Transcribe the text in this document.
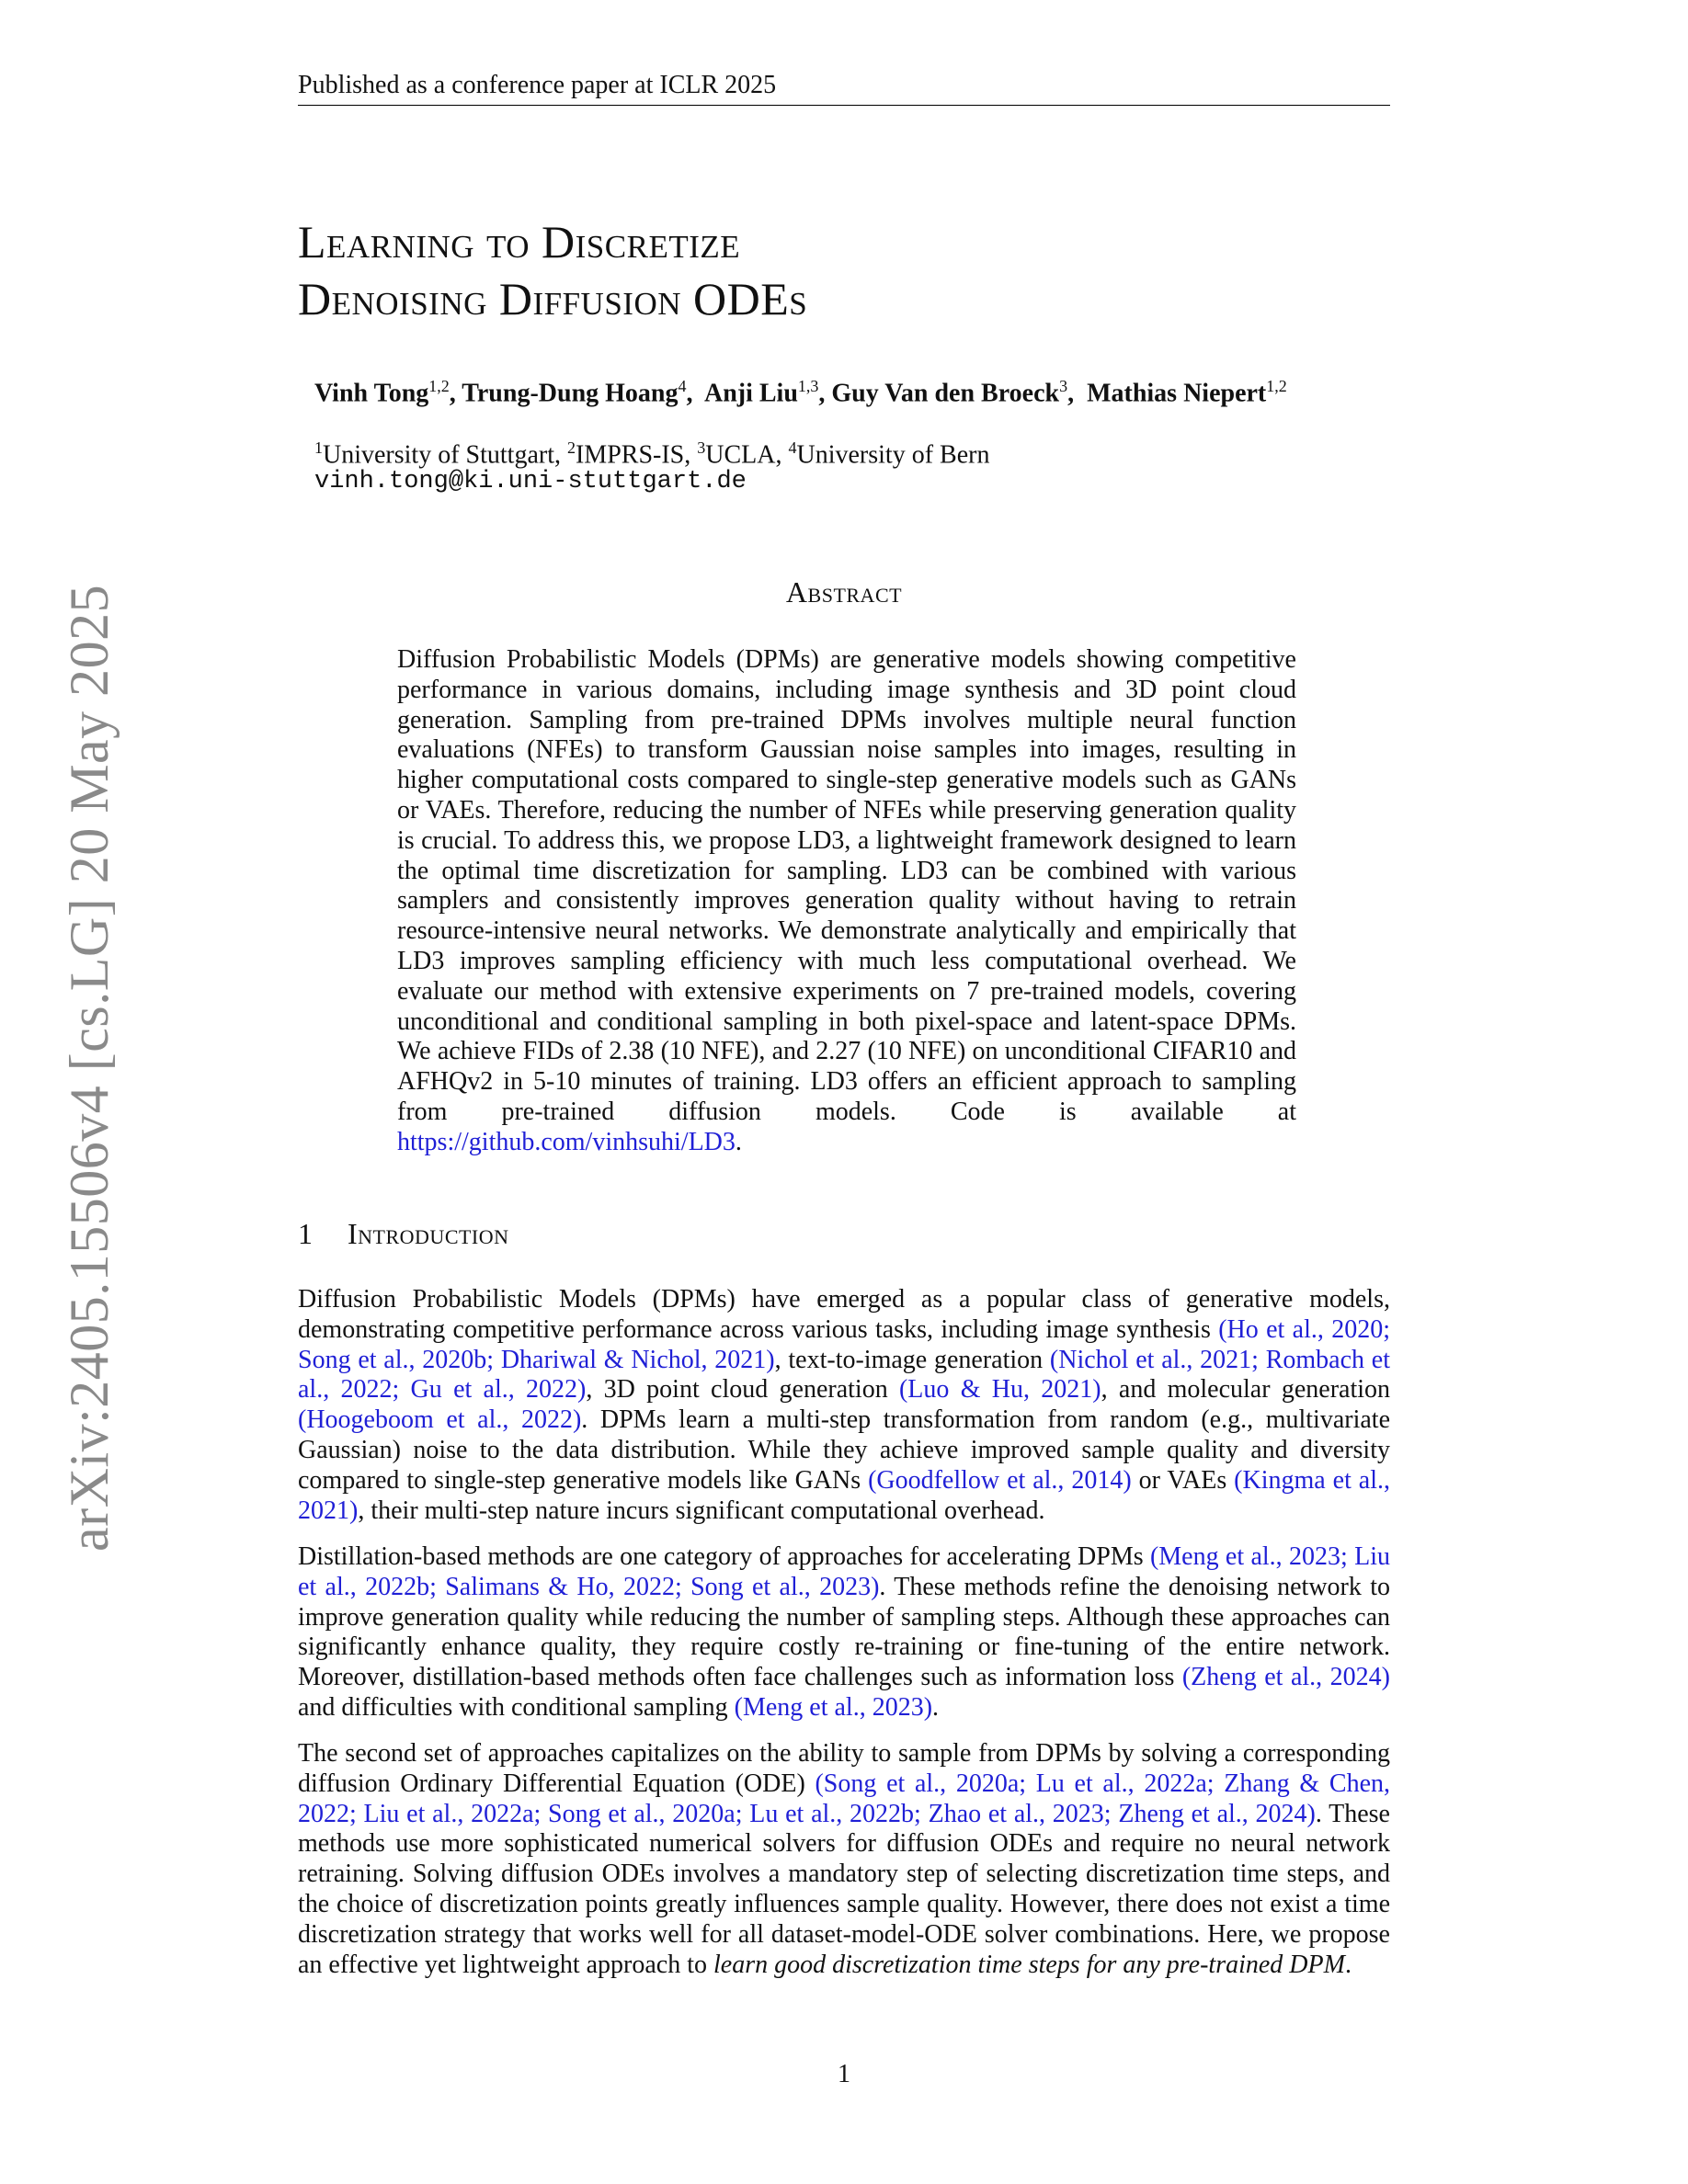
Published as a conference paper at ICLR 2025
arXiv:2405.15506v4 [cs.LG] 20 May 2025
Learning to Discretize
Denoising Diffusion ODEs
Vinh Tong$^{1,2}$, Trung-Dung Hoang$^4$,  Anji Liu$^{1,3}$, Guy Van den Broeck$^3$,  Mathias Niepert$^{1,2}$
$^1$University of Stuttgart, $^2$IMPRS-IS, $^3$UCLA, $^4$University of Bern
vinh.tong@ki.uni-stuttgart.de
Abstract

Diffusion Probabilistic Models (DPMs) are generative models showing competitive performance in various domains, including image synthesis and 3D point cloud generation. Sampling from pre-trained DPMs involves multiple neural function evaluations (NFEs) to transform Gaussian noise samples into images, resulting in higher computational costs compared to single-step generative models such as GANs or VAEs. Therefore, reducing the number of NFEs while preserving generation quality is crucial. To address this, we propose LD3, a lightweight framework designed to learn the optimal time discretization for sampling. LD3 can be combined with various samplers and consistently improves generation quality without having to retrain resource-intensive neural networks. We demonstrate analytically and empirically that LD3 improves sampling efficiency with much less computational overhead. We evaluate our method with extensive experiments on 7 pre-trained models, covering unconditional and conditional sampling in both pixel-space and latent-space DPMs. We achieve FIDs of 2.38 (10 NFE), and 2.27 (10 NFE) on unconditional CIFAR10 and AFHQv2 in 5-10 minutes of training. LD3 offers an efficient approach to sampling from pre-trained diffusion models. Code is available at https://github.com/vinhsuhi/LD3.

1 Introduction

Diffusion Probabilistic Models (DPMs) have emerged as a popular class of generative models, demonstrating competitive performance across various tasks, including image synthesis (Ho et al., 2020; Song et al., 2020b; Dhariwal & Nichol, 2021), text-to-image generation (Nichol et al., 2021; Rombach et al., 2022; Gu et al., 2022), 3D point cloud generation (Luo & Hu, 2021), and molecular generation (Hoogeboom et al., 2022). DPMs learn a multi-step transformation from random (e.g., multivariate Gaussian) noise to the data distribution. While they achieve improved sample quality and diversity compared to single-step generative models like GANs (Goodfellow et al., 2014) or VAEs (Kingma et al., 2021), their multi-step nature incurs significant computational overhead.

Distillation-based methods are one category of approaches for accelerating DPMs (Meng et al., 2023; Liu et al., 2022b; Salimans & Ho, 2022; Song et al., 2023). These methods refine the denoising network to improve generation quality while reducing the number of sampling steps. Although these approaches can significantly enhance quality, they require costly re-training or fine-tuning of the entire network. Moreover, distillation-based methods often face challenges such as information loss (Zheng et al., 2024) and difficulties with conditional sampling (Meng et al., 2023).

The second set of approaches capitalizes on the ability to sample from DPMs by solving a corresponding diffusion Ordinary Differential Equation (ODE) (Song et al., 2020a; Lu et al., 2022a; Zhang & Chen, 2022; Liu et al., 2022a; Song et al., 2020a; Lu et al., 2022b; Zhao et al., 2023; Zheng et al., 2024). These methods use more sophisticated numerical solvers for diffusion ODEs and require no neural network retraining. Solving diffusion ODEs involves a mandatory step of selecting discretization time steps, and the choice of discretization points greatly influences sample quality. However, there does not exist a time discretization strategy that works well for all dataset-model-ODE solver combinations. Here, we propose an effective yet lightweight approach to learn good discretization time steps for any pre-trained DPM.

1
